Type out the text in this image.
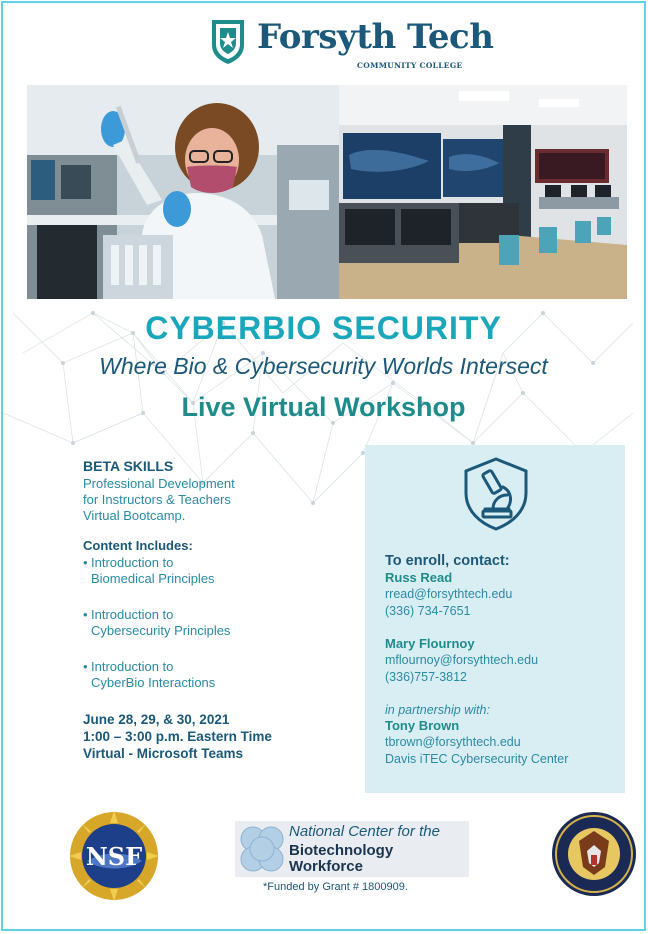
Forsyth Tech
COMMUNITY COLLEGE
CYBERBIO SECURITY
Where Bio & Cybersecurity Worlds Intersect
Live Virtual Workshop
BETA SKILLS
Professional Development
for Instructors & Teachers
Virtual Bootcamp.
Content Includes:
• Introduction to
Biomedical Principles
• Introduction to
Cybersecurity Principles
• Introduction to
CyberBio Interactions
June 28, 29, & 30, 2021
1:00 – 3:00 p.m. Eastern Time
Virtual - Microsoft Teams
To enroll, contact:
Russ Read
rread@forsythtech.edu
(336) 734-7651
Mary Flournoy
mflournoy@forsythtech.edu
(336)757-3812
in partnership with:
Tony Brown
tbrown@forsythtech.edu
Davis iTEC Cybersecurity Center
NSF
National Center for the
Biotechnology
Workforce
*Funded by Grant # 1800909.
